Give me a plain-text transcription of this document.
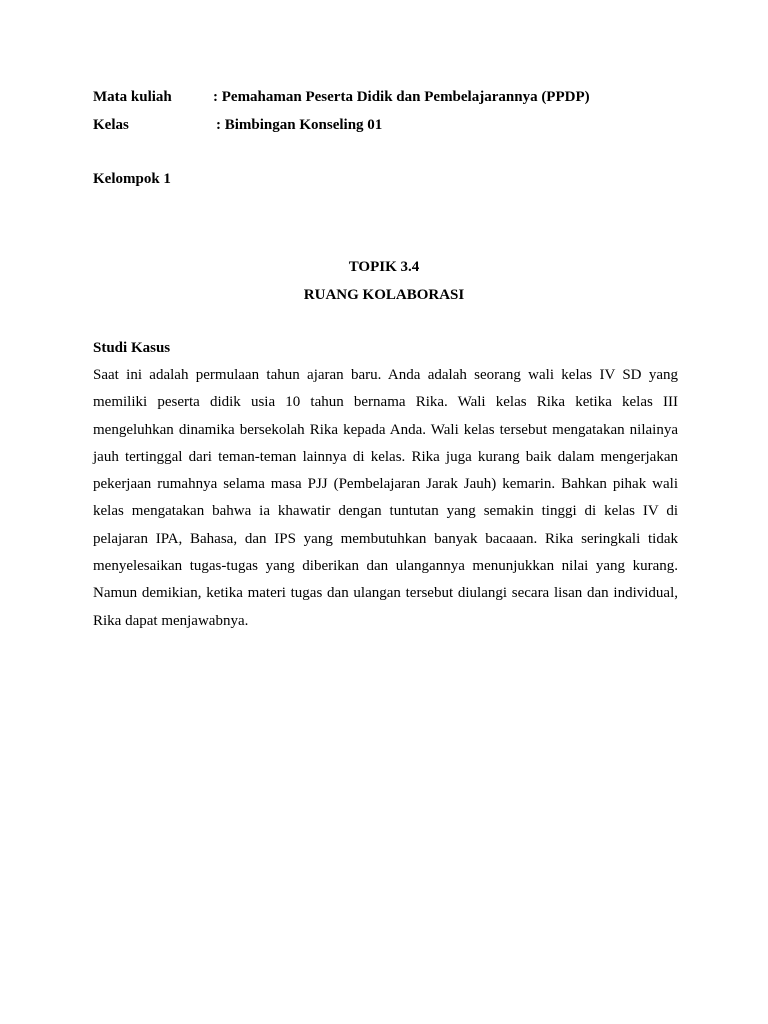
Mata kuliah	: Pemahaman Peserta Didik dan Pembelajarannya (PPDP)
Kelas	: Bimbingan Konseling 01
Kelompok 1
TOPIK 3.4
RUANG KOLABORASI
Studi Kasus

Saat ini adalah permulaan tahun ajaran baru. Anda adalah seorang wali kelas IV SD yang memiliki peserta didik usia 10 tahun bernama Rika. Wali kelas Rika ketika kelas III mengeluhkan dinamika bersekolah Rika kepada Anda. Wali kelas tersebut mengatakan nilainya jauh tertinggal dari teman-teman lainnya di kelas. Rika juga kurang baik dalam mengerjakan pekerjaan rumahnya selama masa PJJ (Pembelajaran Jarak Jauh) kemarin. Bahkan pihak wali kelas mengatakan bahwa ia khawatir dengan tuntutan yang semakin tinggi di kelas IV di pelajaran IPA, Bahasa, dan IPS yang membutuhkan banyak bacaaan. Rika seringkali tidak menyelesaikan tugas-tugas yang diberikan dan ulangannya menunjukkan nilai yang kurang. Namun demikian, ketika materi tugas dan ulangan tersebut diulangi secara lisan dan individual, Rika dapat menjawabnya.
